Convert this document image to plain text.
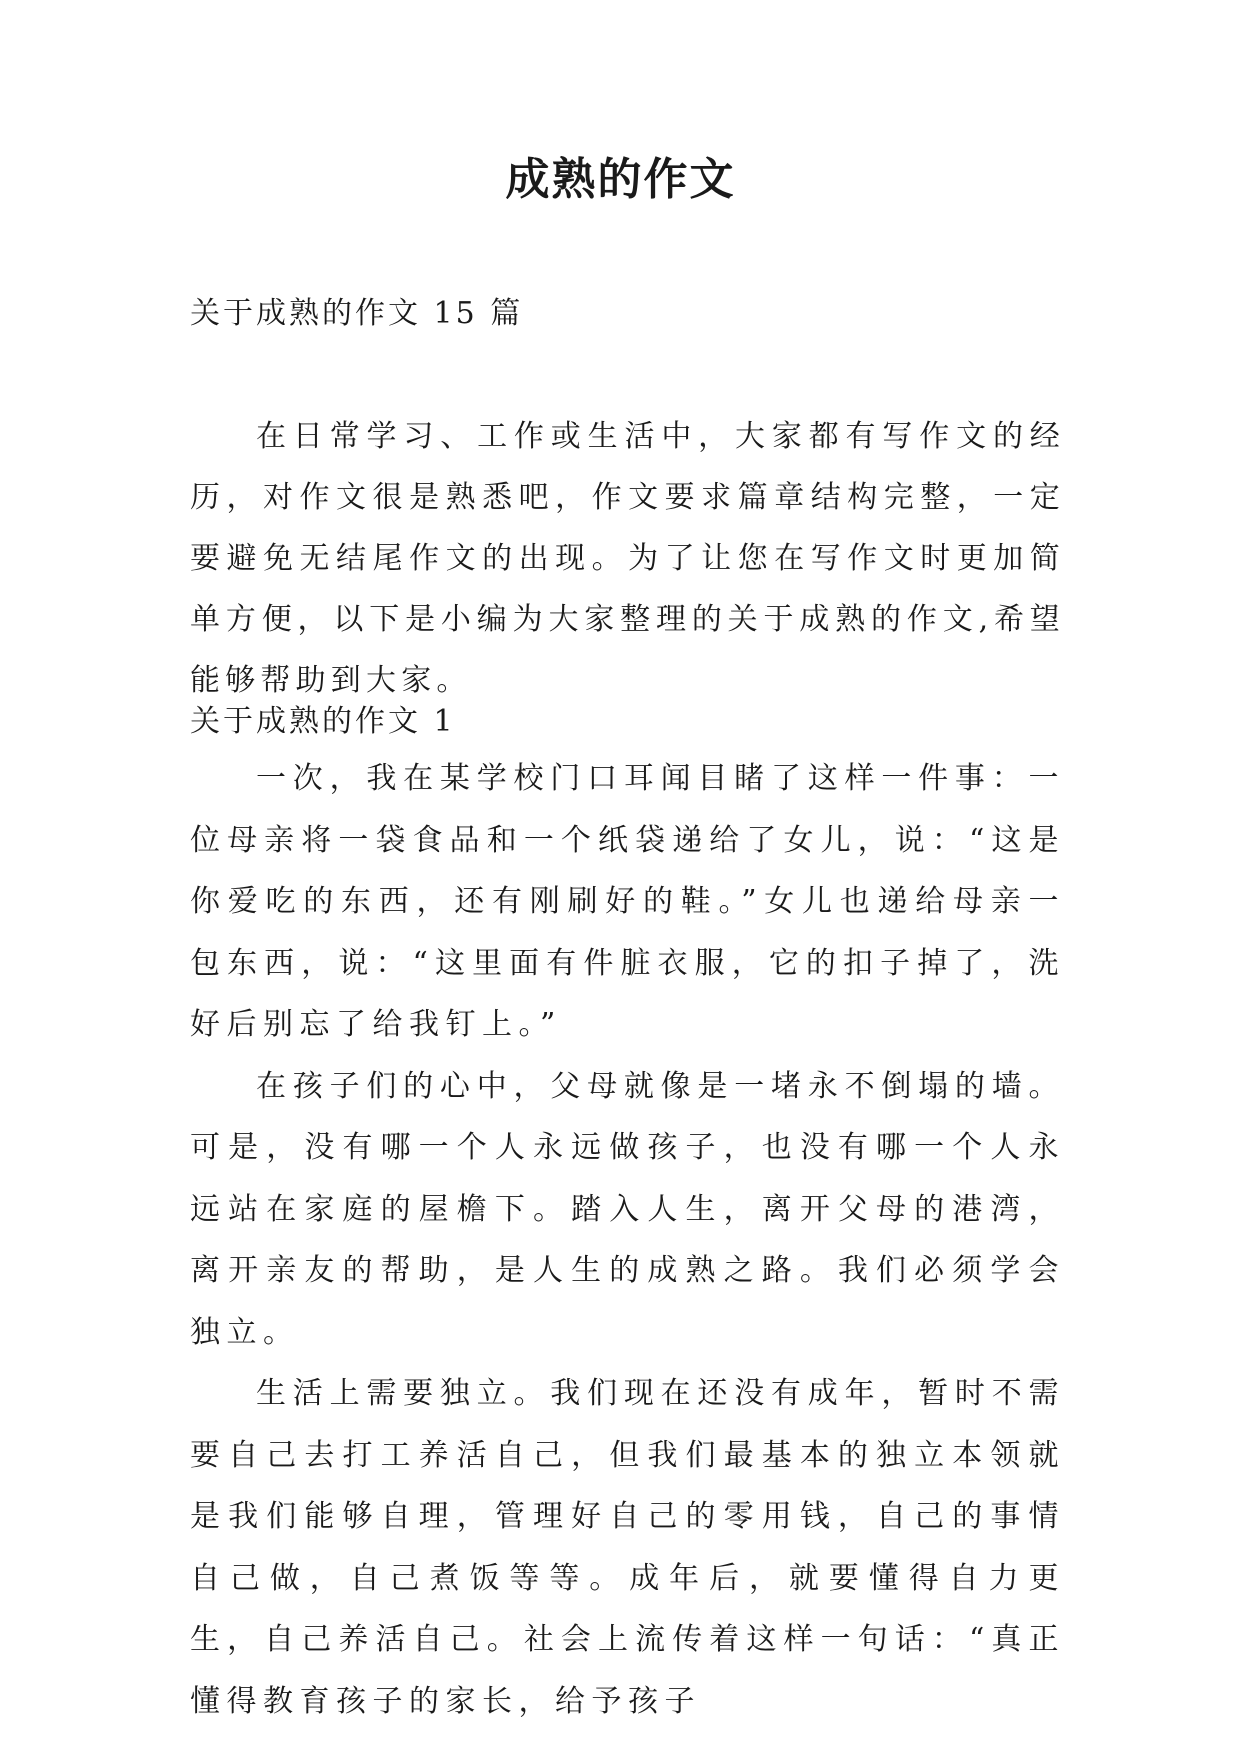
成熟的作文
关于成熟的作文 15 篇

在日常学习、工作或生活中，大家都有写作文的经历，对作文很是熟悉吧，作文要求篇章结构完整，一定要避免无结尾作文的出现。为了让您在写作文时更加简单方便，以下是小编为大家整理的关于成熟的作文,希望能够帮助到大家。

关于成熟的作文 1

一次，我在某学校门口耳闻目睹了这样一件事：一位母亲将一袋食品和一个纸袋递给了女儿，说：“这是你爱吃的东西，还有刚刷好的鞋。”女儿也递给母亲一包东西，说：“这里面有件脏衣服，它的扣子掉了，洗好后别忘了给我钉上。”

在孩子们的心中，父母就像是一堵永不倒塌的墙。可是，没有哪一个人永远做孩子，也没有哪一个人永远站在家庭的屋檐下。踏入人生，离开父母的港湾，离开亲友的帮助，是人生的成熟之路。我们必须学会独立。

生活上需要独立。我们现在还没有成年，暂时不需要自己去打工养活自己，但我们最基本的独立本领就是我们能够自理，管理好自己的零用钱，自己的事情自己做，自己煮饭等等。成年后，就要懂得自力更生，自己养活自己。社会上流传着这样一句话：“真正懂得教育孩子的家长，给予孩子
